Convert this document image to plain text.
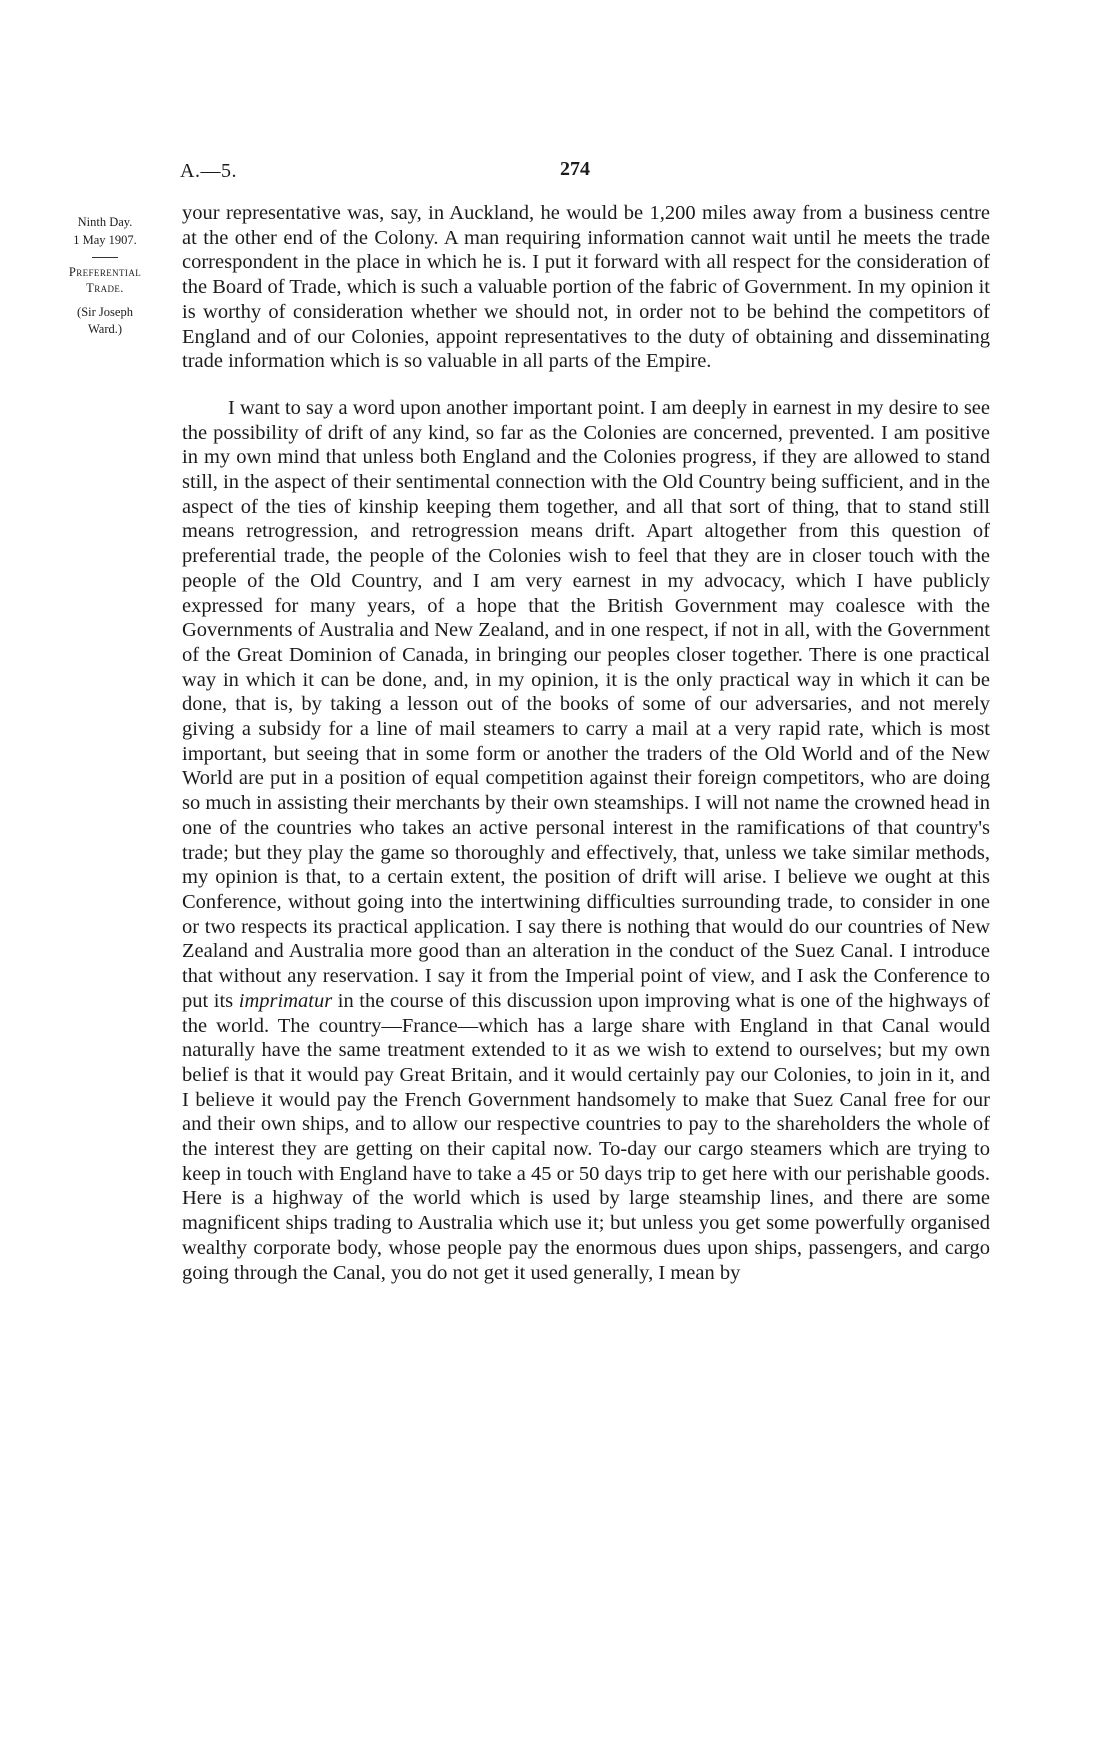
A.—5.	274
Ninth Day.
1 May 1907.
Preferential
Trade.
(Sir Joseph
Ward.)

your representative was, say, in Auckland, he would be 1,200 miles away from a business centre at the other end of the Colony. A man requiring information cannot wait until he meets the trade correspondent in the place in which he is. I put it forward with all respect for the consideration of the Board of Trade, which is such a valuable portion of the fabric of Government. In my opinion it is worthy of consideration whether we should not, in order not to be behind the competitors of England and of our Colonies, appoint representatives to the duty of obtaining and disseminating trade information which is so valuable in all parts of the Empire.

I want to say a word upon another important point. I am deeply in earnest in my desire to see the possibility of drift of any kind, so far as the Colonies are concerned, prevented. I am positive in my own mind that unless both England and the Colonies progress, if they are allowed to stand still, in the aspect of their sentimental connection with the Old Country being sufficient, and in the aspect of the ties of kinship keeping them together, and all that sort of thing, that to stand still means retrogression, and retrogression means drift. Apart altogether from this question of preferential trade, the people of the Colonies wish to feel that they are in closer touch with the people of the Old Country, and I am very earnest in my advocacy, which I have publicly expressed for many years, of a hope that the British Government may coalesce with the Governments of Australia and New Zealand, and in one respect, if not in all, with the Government of the Great Dominion of Canada, in bringing our peoples closer together. There is one practical way in which it can be done, and, in my opinion, it is the only practical way in which it can be done, that is, by taking a lesson out of the books of some of our adversaries, and not merely giving a subsidy for a line of mail steamers to carry a mail at a very rapid rate, which is most important, but seeing that in some form or another the traders of the Old World and of the New World are put in a position of equal competition against their foreign competitors, who are doing so much in assisting their merchants by their own steamships. I will not name the crowned head in one of the countries who takes an active personal interest in the ramifications of that country's trade; but they play the game so thoroughly and effectively, that, unless we take similar methods, my opinion is that, to a certain extent, the position of drift will arise. I believe we ought at this Conference, without going into the intertwining difficulties surrounding trade, to consider in one or two respects its practical application. I say there is nothing that would do our countries of New Zealand and Australia more good than an alteration in the conduct of the Suez Canal. I introduce that without any reservation. I say it from the Imperial point of view, and I ask the Conference to put its imprimatur in the course of this discussion upon improving what is one of the highways of the world. The country—France—which has a large share with England in that Canal would naturally have the same treatment extended to it as we wish to extend to ourselves; but my own belief is that it would pay Great Britain, and it would certainly pay our Colonies, to join in it, and I believe it would pay the French Government handsomely to make that Suez Canal free for our and their own ships, and to allow our respective countries to pay to the shareholders the whole of the interest they are getting on their capital now. To-day our cargo steamers which are trying to keep in touch with England have to take a 45 or 50 days trip to get here with our perishable goods. Here is a highway of the world which is used by large steamship lines, and there are some magnificent ships trading to Australia which use it; but unless you get some powerfully organised wealthy corporate body, whose people pay the enormous dues upon ships, passengers, and cargo going through the Canal, you do not get it used generally, I mean by
